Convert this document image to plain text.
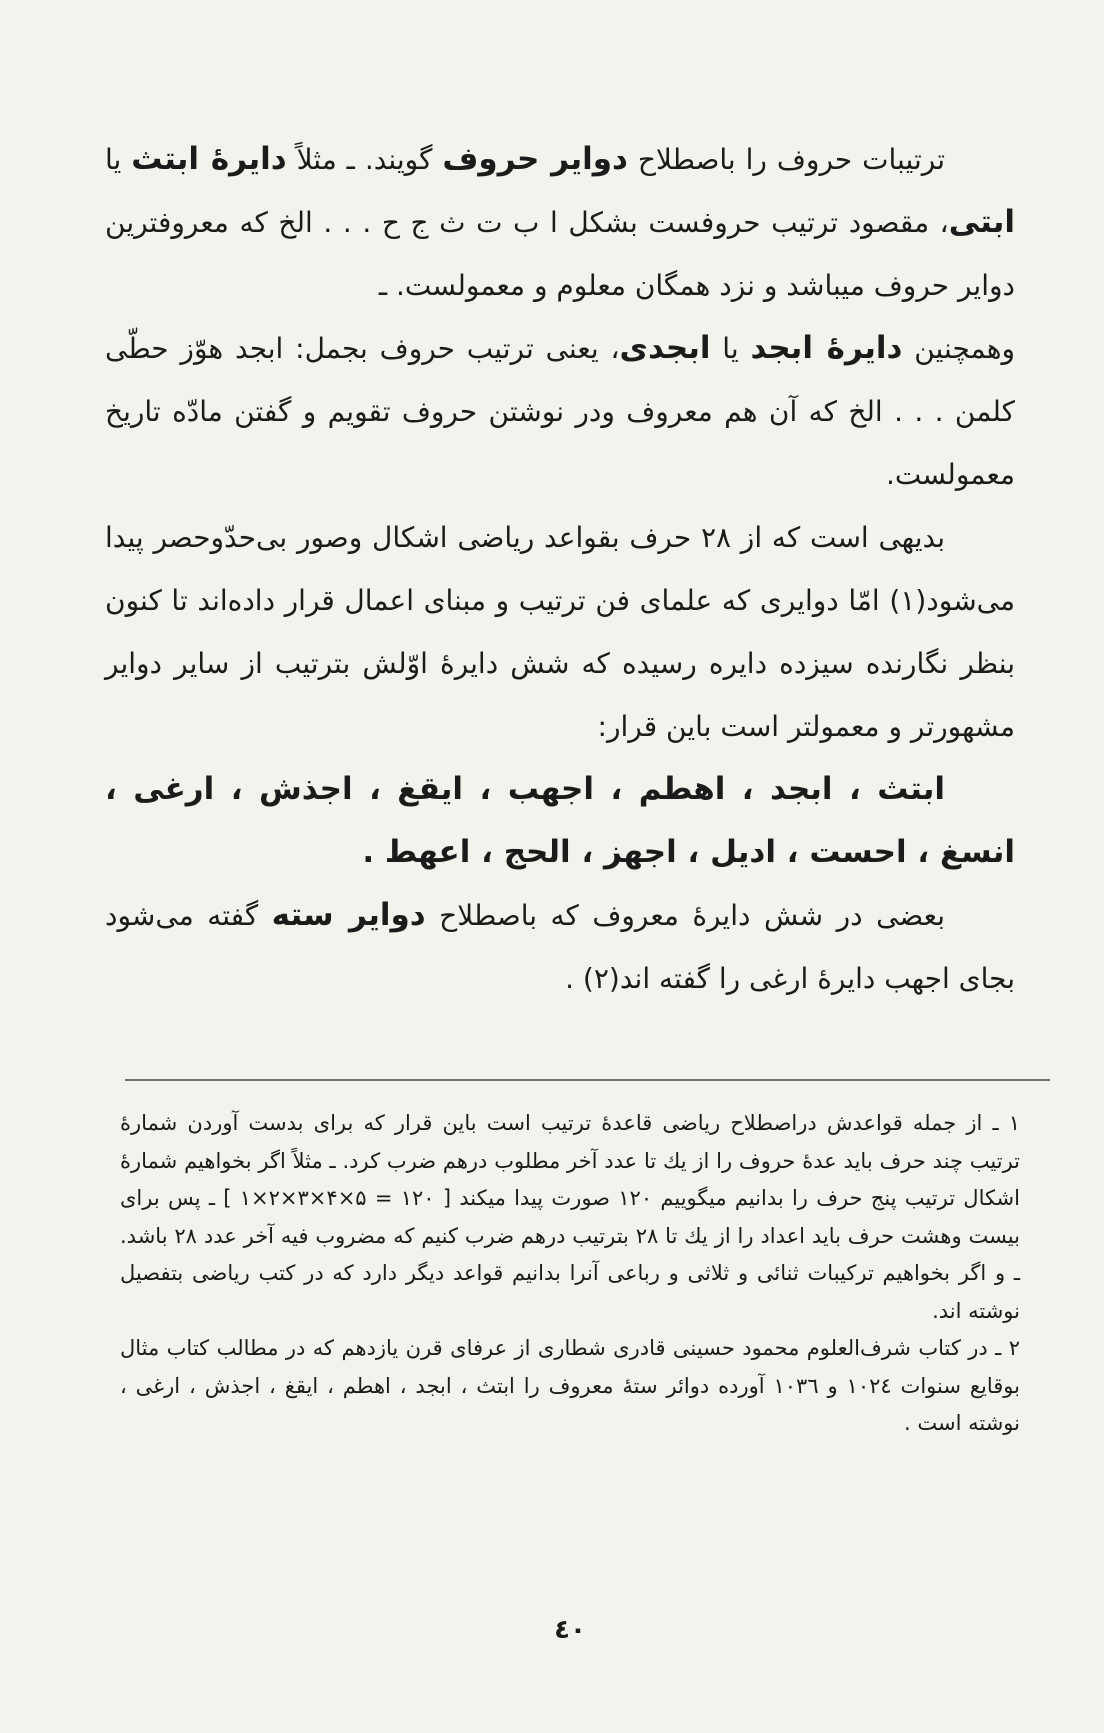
ترتیبات حروف را باصطلاح دوایر حروف گویند. ـ مثلاً دایرهٔ ابتث یا ابتی، مقصود ترتیب حروفست بشکل ا ب ت ث ج ح . . . الخ که معروفترین دوایر حروف میباشد و نزد همگان معلوم و معمولست. ـ

وهمچنین دایرهٔ ابجد یا ابجدی، یعنی ترتیب حروف بجمل: ابجد هوّز حطّی کلمن . . . الخ که آن هم معروف ودر نوشتن حروف تقویم و گفتن مادّه تاریخ معمولست.

بدیهی است که از ۲۸ حرف بقواعد ریاضی اشکال وصور بی‌حدّوحصر پیدا می‌شود(۱) امّا دوایری که علمای فن ترتیب و مبنای اعمال قرار داده‌اند تا کنون بنظر نگارنده سیزده دایره رسیده که شش دایرهٔ اوّلش بترتیب از سایر دوایر مشهورتر و معمولتر است باین قرار:

ابتث ، ابجد ، اهطم ، اجهب ، ایقغ ، اجذش ، ارغی ، انسغ ، احست ، ادیل ، اجهز ، الحج ، اعهط .

بعضی در شش دایرهٔ معروف که باصطلاح دوایر سته گفته می‌شود بجای اجهب دایرهٔ ارغی را گفته اند(۲) .

۱ ـ از جمله قواعدش دراصطلاح ریاضی قاعدهٔ ترتیب است باین قرار که برای بدست آوردن شمارهٔ ترتیب چند حرف باید عدهٔ حروف را از یك تا عدد آخر مطلوب درهم ضرب کرد. ـ مثلاً اگر بخواهیم شمارهٔ اشکال ترتیب پنج حرف را بدانیم میگوییم ۱۲۰ صورت پیدا میکند [ ۱۲۰ = ۵×۴×۳×۲×۱ ] ـ پس برای بیست وهشت حرف باید اعداد را از یك تا ۲۸ بترتیب درهم ضرب کنیم که مضروب فیه آخر عدد ۲۸ باشد. ـ و اگر بخواهیم ترکیبات ثنائی و ثلاثی و رباعی آنرا بدانیم قواعد دیگر دارد که در کتب ریاضی بتفصیل نوشته اند.

۲ ـ در کتاب شرف‌العلوم محمود حسینی قادری شطاری از عرفای قرن یازدهم که در مطالب کتاب مثال بوقایع سنوات ۱۰۲٤ و ۱۰۳٦ آورده دوائر ستهٔ معروف را ابتث ، ابجد ، اهطم ، ایقغ ، اجذش ، ارغی ، نوشته است .

٤۰
